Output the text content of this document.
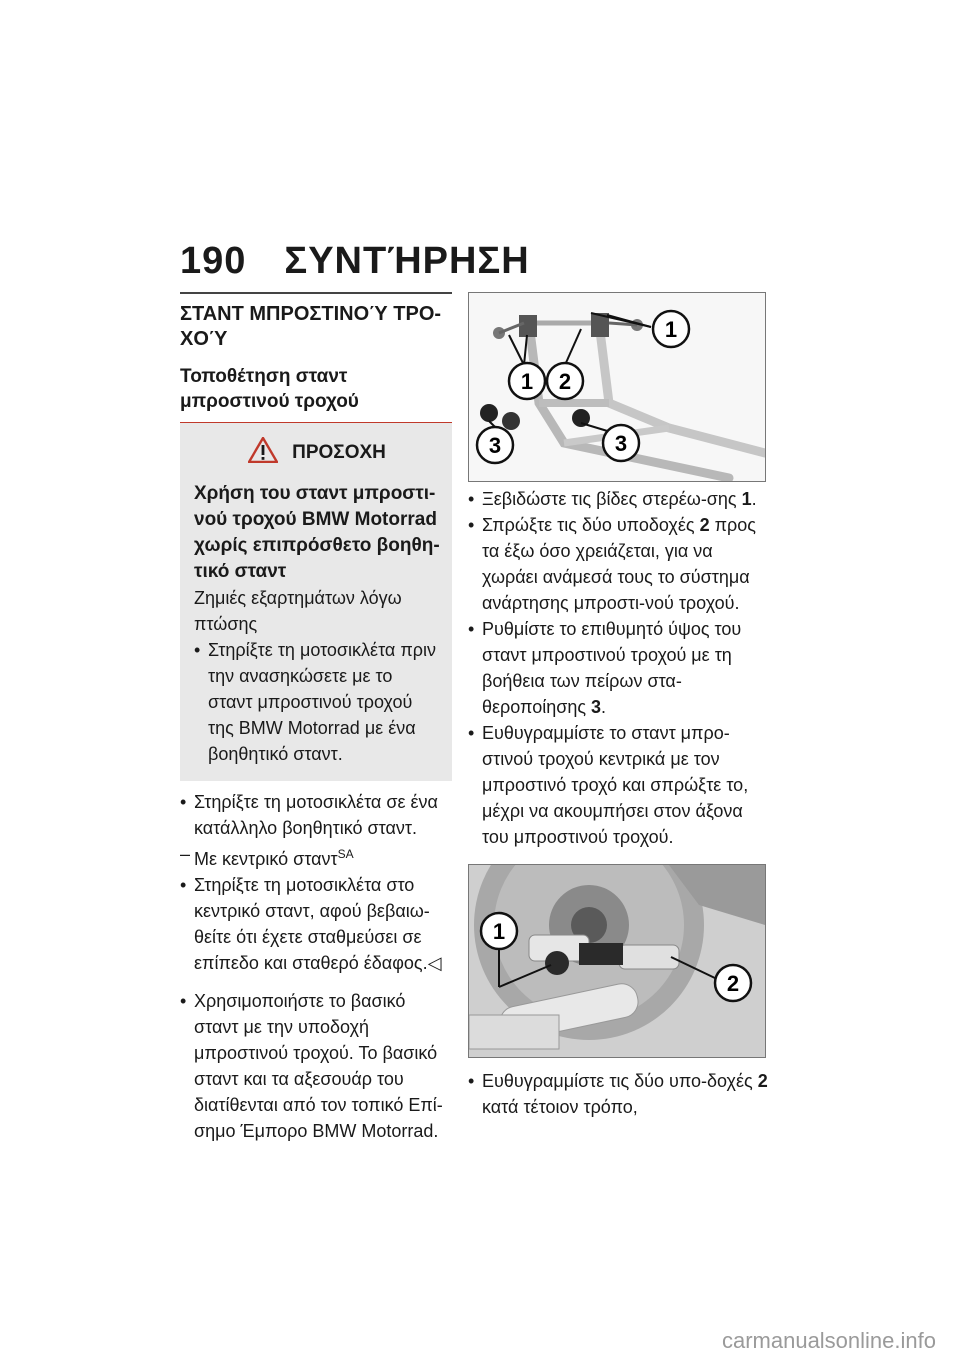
190 ΣΥΝΤΉΡΗΣΗ
ΣΤΑΝΤ ΜΠΡΟΣΤΙΝΟΎ ΤΡΟ-ΧΟΎ
Τοποθέτηση σταντ μπροστινού τροχού
ΠΡΟΣΟΧΗ
Χρήση του σταντ μπροστι-νού τροχού BMW Motorrad χωρίς επιπρόσθετο βοηθη-τικό σταντ
Ζημιές εξαρτημάτων λόγω πτώσης
• Στηρίξτε τη μοτοσικλέτα πριν την ανασηκώσετε με το σταντ μπροστινού τροχού της BMW Motorrad με ένα βοηθητικό σταντ.
• Στηρίξτε τη μοτοσικλέτα σε ένα κατάλληλο βοηθητικό σταντ.
– Με κεντρικό σταντ$^{SA}$
• Στηρίξτε τη μοτοσικλέτα στο κεντρικό σταντ, αφού βεβαιω-θείτε ότι έχετε σταθμεύσει σε επίπεδο και σταθερό έδαφος.◁
• Χρησιμοποιήστε το βασικό σταντ με την υποδοχή μπροστινού τροχού. Το βασικό σταντ και τα αξεσουάρ του διατίθενται από τον τοπικό Επί-σημο Έμπορο BMW Motorrad.
1
1 2
3	3
• Ξεβιδώστε τις βίδες στερέω-σης 1.
• Σπρώξτε τις δύο υποδοχές 2 προς τα έξω όσο χρειάζεται, για να χωράει ανάμεσά τους το σύστημα ανάρτησης μπροστι-νού τροχού.
• Ρυθμίστε το επιθυμητό ύψος του σταντ μπροστινού τροχού με τη βοήθεια των πείρων στα-θεροποίησης 3.
• Ευθυγραμμίστε το σταντ μπρο-στινού τροχού κεντρικά με τον μπροστινό τροχό και σπρώξτε το, μέχρι να ακουμπήσει στον άξονα του μπροστινού τροχού.
1
2
• Ευθυγραμμίστε τις δύο υπο-δοχές 2 κατά τέτοιον τρόπο,
carmanualsonline.info
